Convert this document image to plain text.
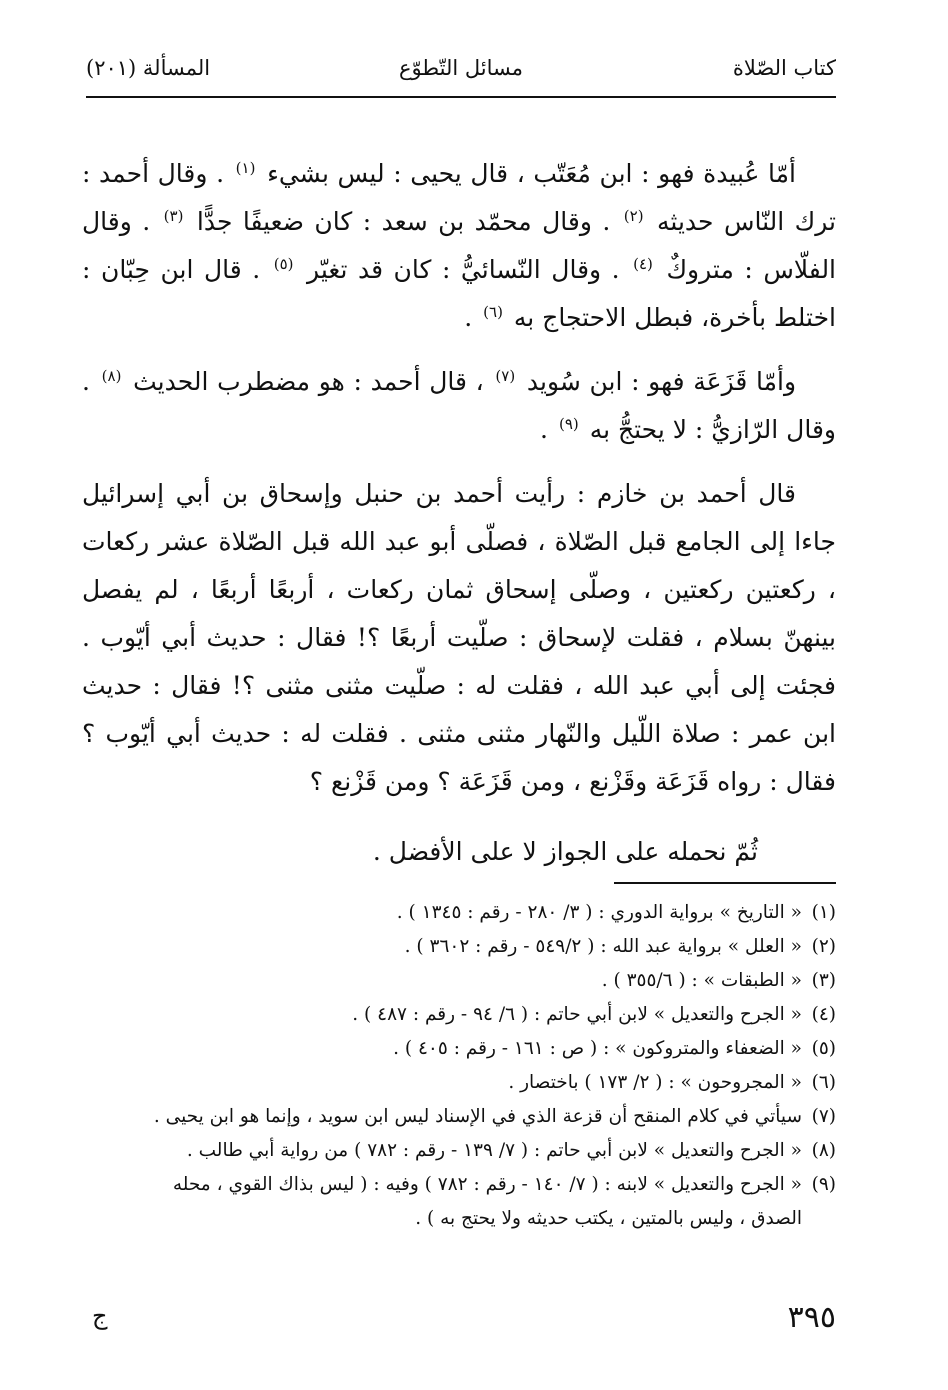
كتاب الصّلاة
مسائل التّطوّع
المسألة (٢٠١)

أمّا عُبيدة فهو : ابن مُعَتّب ، قال يحيى : ليس بشيء $^{(١)}$ . وقال أحمد : ترك النّاس حديثه $^{(٢)}$ . وقال محمّد بن سعد : كان ضعيفًا جدًّا $^{(٣)}$ . وقال الفلّاس : متروكٌ $^{(٤)}$ . وقال النّسائيُّ : كان قد تغيّر $^{(٥)}$ . قال ابن حِبّان : اختلط بأخرة، فبطل الاحتجاج به $^{(٦)}$ .

وأمّا قَزَعَة فهو : ابن سُويد $^{(٧)}$ ، قال أحمد : هو مضطرب الحديث $^{(٨)}$ . وقال الرّازيُّ : لا يحتجُّ به $^{(٩)}$ .

قال أحمد بن خازم : رأيت أحمد بن حنبل وإسحاق بن أبي إسرائيل جاءا إلى الجامع قبل الصّلاة ، فصلّى أبو عبد الله قبل الصّلاة عشر ركعات ، ركعتين ركعتين ، وصلّى إسحاق ثمان ركعات ، أربعًا أربعًا ، لم يفصل بينهنّ بسلام ، فقلت لإسحاق : صلّيت أربعًا ؟! فقال : حديث أبي أيّوب . فجئت إلى أبي عبد الله ، فقلت له : صلّيت مثنى مثنى ؟! فقال : حديث ابن عمر : صلاة اللّيل والنّهار مثنى مثنى . فقلت له : حديث أبي أيّوب ؟ فقال : رواه قَزَعَة وقَزْنع ، ومن قَزَعَة ؟ ومن قَزْنع ؟

ثُمّ نحمله على الجواز لا على الأفضل .

(١)« التاريخ » برواية الدوري : ( ٣/ ٢٨٠ - رقم : ١٣٤٥ ) .

(٢)« العلل » برواية عبد الله : ( ٥٤٩/٢ - رقم : ٣٦٠٢ ) .

(٣)« الطبقات » : ( ٣٥٥/٦ ) .

(٤)« الجرح والتعديل » لابن أبي حاتم : ( ٦/ ٩٤ - رقم : ٤٨٧ ) .

(٥)« الضعفاء والمتروكون » : ( ص : ١٦١ - رقم : ٤٠٥ ) .

(٦)« المجروحون » : ( ٢/ ١٧٣ ) باختصار .

(٧)سيأتي في كلام المنقح أن قزعة الذي في الإسناد ليس ابن سويد ، وإنما هو ابن يحيى .

(٨)« الجرح والتعديل » لابن أبي حاتم : ( ٧/ ١٣٩ - رقم : ٧٨٢ ) من رواية أبي طالب .

(٩)« الجرح والتعديل » لابنه : ( ٧/ ١٤٠ - رقم : ٧٨٢ ) وفيه : ( ليس بذاك القوي ، محله

الصدق ، وليس بالمتين ، يكتب حديثه ولا يحتج به ) .

٣٩٥
ج
